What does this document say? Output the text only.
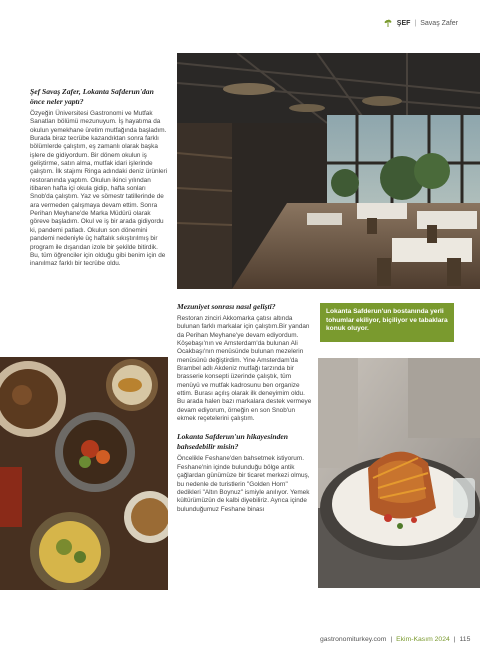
ŞEF | Savaş Zafer

Şef Savaş Zafer, Lokanta Safderun'dan önce neler yaptı?

Özyeğin Üniversitesi Gastronomi ve Mutfak Sanatları bölümü mezunuyum. İş hayatıma da okulun yemekhane üretim mutfağında başladım. Burada biraz tecrübe kazandıktan sonra farklı bölümlerde çalıştım, eş zamanlı olarak başka işlere de gidiyordum. Bir dönem okulun iş geliştirme, satın alma, mutfak idari işlerinde çalıştım. İlk stajımı Ringa adındaki deniz ürünleri restoranında yaptım. Okulun ikinci yılından itibaren hafta içi okula gidip, hafta sonları Snob'da çalıştım. Yaz ve sömestr tatillerinde de ara vermeden çalışmaya devam ettim. Sonra Perihan Meyhane'de Marka Müdürü olarak göreve başladım. Okul ve iş bir arada gidiyordu ki, pandemi patladı. Okulun son dönemini pandemi nedeniyle üç haftalık sıkıştırılmış bir program ile dışarıdan izole bir şekilde bitirdik. Bu, tüm öğrenciler için olduğu gibi benim için de inanılmaz farklı bir tecrübe oldu.

Mezuniyet sonrası nasıl gelişti?

Restoran zinciri Akkomarka çatısı altında bulunan farklı markalar için çalıştım.Bir yandan da Perihan Meyhane'ye devam ediyordum. Köşebaşı'nın ve Amsterdam'da bulunan Ali Ocakbaşı'nın menüsünde bulunan mezelerin menüsünü değiştirdim. Yine Amsterdam'da Brambel adlı Akdeniz mutfağı tarzında bir brasserie konsepti üzerinde çalıştık, tüm menüyü ve mutfak kadrosunu ben organize ettim. Burası açılış olarak ilk deneyimim oldu. Bu arada halen bazı markalara destek vermeye devam ediyorum, örneğin en son Snob'un ekmek reçetelerini çalıştım.

Lokanta Safderun'un hikayesinden bahsedebilir misin?

Öncelikle Feshane'den bahsetmek istiyorum. Feshane'nin içinde bulunduğu bölge antik çağlardan günümüze bir ticaret merkezi olmuş, bu nedenle de turistlerin "Golden Horn" dedikleri "Altın Boynuz" ismiyle anılıyor. Yemek kültürümüzün de kalbi diyebiliriz. Ayrıca içinde bulunduğumuz Feshane binası

Lokanta Safderun'un bostanında yerli tohumlar ekiliyor, biçiliyor ve tabaklara konuk oluyor.
gastronomiturkey.com | Ekim-Kasım 2024 | 115
